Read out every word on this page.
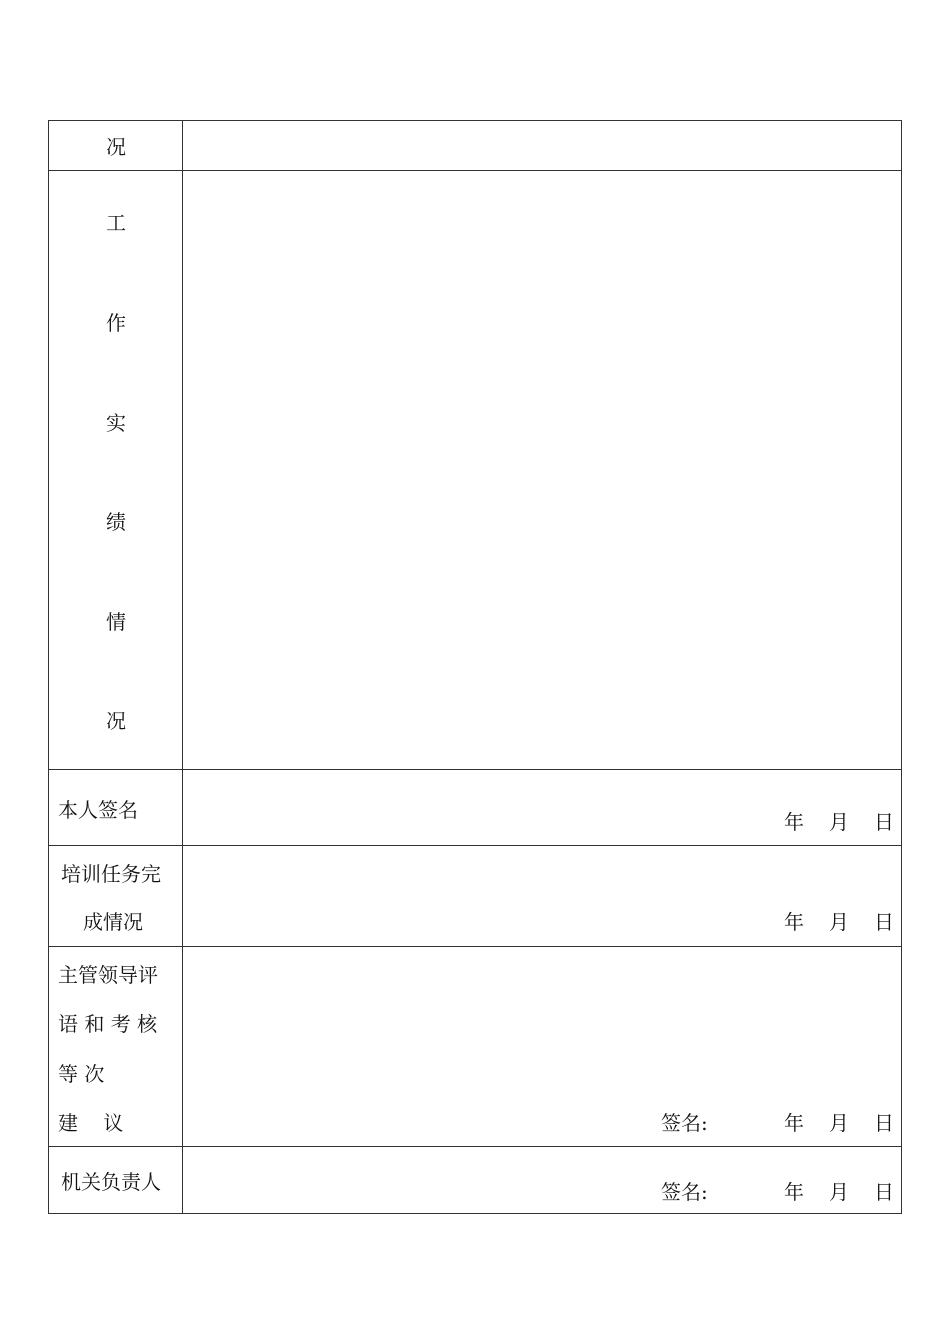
况
工
作
实
绩
情
况
本人签名	年 月 日
培训任务完
成情况	年 月 日
主管领导评
语 和 考 核
等 次
建    议	签名:	年 月 日
机关负责人	签名:	年 月 日
